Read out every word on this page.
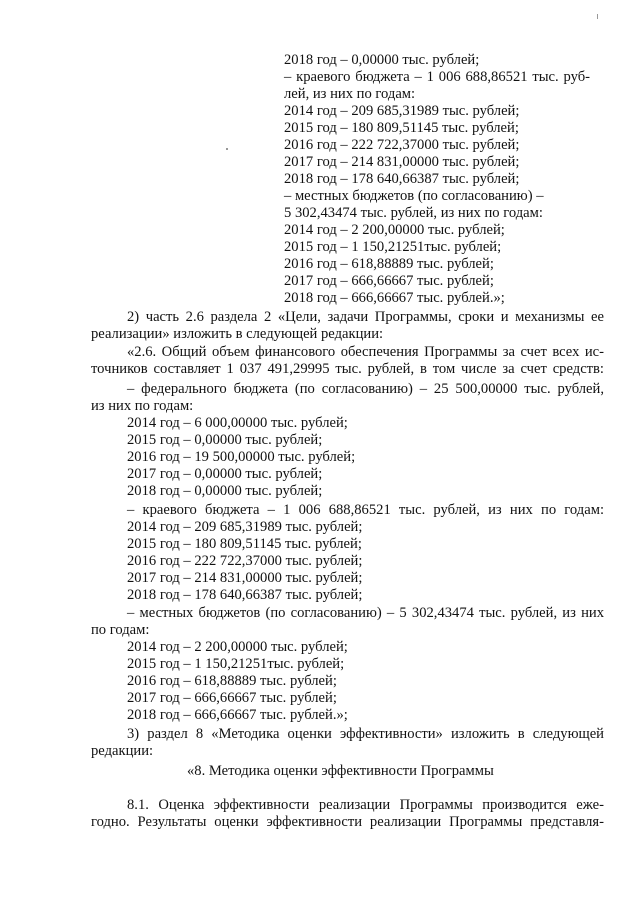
2018 год – 0,00000 тыс. рублей;

– краевого бюджета – 1 006 688,86521 тыс. руб-

лей, из них по годам:

2014 год – 209 685,31989 тыс. рублей;

2015 год – 180 809,51145 тыс. рублей;

2016 год – 222 722,37000 тыс. рублей;

2017 год – 214 831,00000 тыс. рублей;

2018 год – 178 640,66387 тыс. рублей;

– местных бюджетов (по согласованию) –

5 302,43474 тыс. рублей, из них по годам:

2014 год – 2 200,00000 тыс. рублей;

2015 год – 1 150,21251тыс. рублей;

2016 год – 618,88889 тыс. рублей;

2017 год – 666,66667 тыс. рублей;

2018 год – 666,66667 тыс. рублей.»;

2) часть 2.6 раздела 2 «Цели, задачи Программы, сроки и механизмы ее

реализации» изложить в следующей редакции:

«2.6. Общий объем финансового обеспечения Программы за счет всех ис-

точников составляет 1 037 491,29995 тыс. рублей, в том числе за счет средств:

– федерального бюджета (по согласованию) – 25 500,00000 тыс. рублей,

из них по годам:

2014 год – 6 000,00000 тыс. рублей;

2015 год – 0,00000 тыс. рублей;

2016 год – 19 500,00000 тыс. рублей;

2017 год – 0,00000 тыс. рублей;

2018 год – 0,00000 тыс. рублей;

– краевого бюджета – 1 006 688,86521 тыс. рублей, из них по годам:

2014 год – 209 685,31989 тыс. рублей;

2015 год – 180 809,51145 тыс. рублей;

2016 год – 222 722,37000 тыс. рублей;

2017 год – 214 831,00000 тыс. рублей;

2018 год – 178 640,66387 тыс. рублей;

– местных бюджетов (по согласованию) – 5 302,43474 тыс. рублей, из них

по годам:

2014 год – 2 200,00000 тыс. рублей;

2015 год – 1 150,21251тыс. рублей;

2016 год – 618,88889 тыс. рублей;

2017 год – 666,66667 тыс. рублей;

2018 год – 666,66667 тыс. рублей.»;

3) раздел 8 «Методика оценки эффективности» изложить в следующей

редакции:

«8. Методика оценки эффективности Программы

8.1. Оценка эффективности реализации Программы производится еже-

годно. Результаты оценки эффективности реализации Программы представля-
